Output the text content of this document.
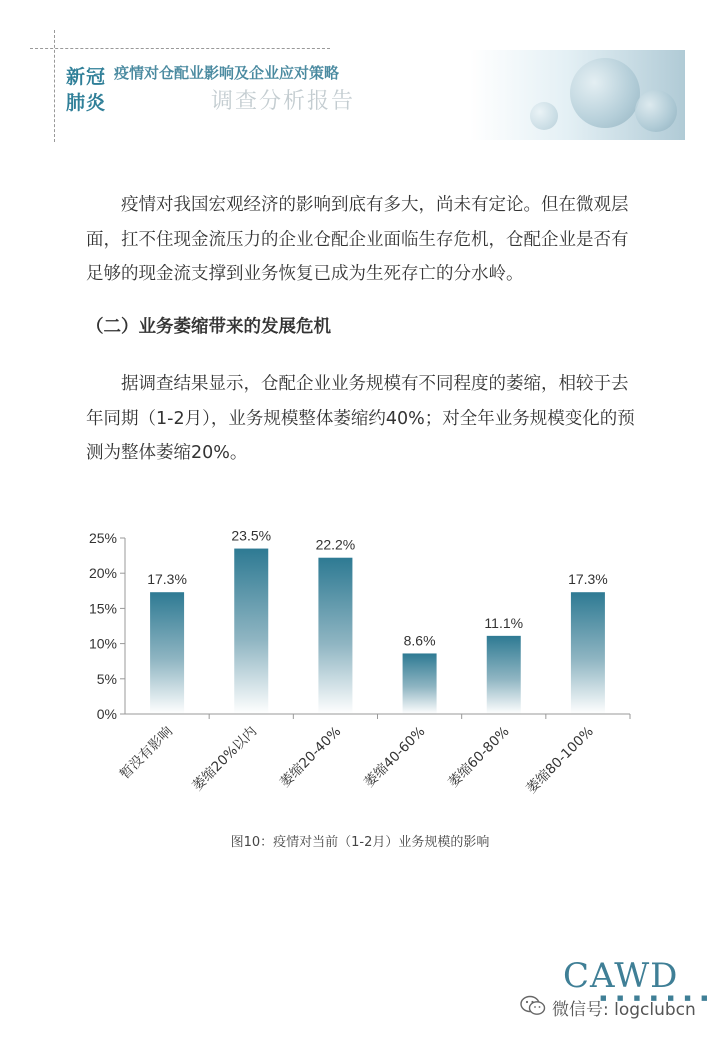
新冠
肺炎
疫情对仓配业影响及企业应对策略
调查分析报告

疫情对我国宏观经济的影响到底有多大，尚未有定论。但在微观层面，扛不住现金流压力的企业仓配企业面临生存危机，仓配企业是否有足够的现金流支撑到业务恢复已成为生死存亡的分水岭。

（二）业务萎缩带来的发展危机

据调查结果显示，仓配企业业务规模有不同程度的萎缩，相较于去年同期（1-2月），业务规模整体萎缩约40%；对全年业务规模变化的预测为整体萎缩20%。

0%
5%
10%
15%
20%
25%
17.3%
23.5%
22.2%
8.6%
11.1%
17.3%
暂没有影响 萎缩20%以内 萎缩20-40% 萎缩40-60% 萎缩60-80% 萎缩80-100%
图10：疫情对当前（1-2月）业务规模的影响
CAWD
■ ■ ■ ■ ■ ■ ■
微信号: logclubcn
